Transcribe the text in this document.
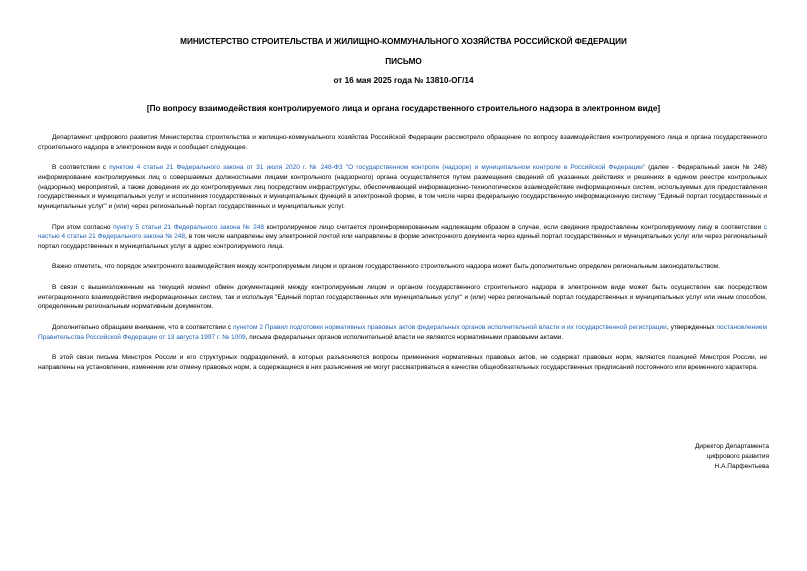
МИНИСТЕРСТВО СТРОИТЕЛЬСТВА И ЖИЛИЩНО-КОММУНАЛЬНОГО ХОЗЯЙСТВА РОССИЙСКОЙ ФЕДЕРАЦИИ
ПИСЬМО
от 16 мая 2025 года № 13810-ОГ/14
[По вопросу взаимодействия контролируемого лица и органа государственного строительного надзора в электронном виде]

Департамент цифрового развития Министерства строительства и жилищно-коммунального хозяйства Российской Федерации рассмотрело обращение по вопросу взаимодействия контролируемого лица и органа государственного строительного надзора в электронном виде и сообщает следующее.

В соответствии с пунктом 4 статьи 21 Федерального закона от 31 июля 2020 г. № 248-ФЗ "О государственном контроле (надзоре) и муниципальном контроле в Российской Федерации" (далее - Федеральный закон № 248) информирование контролируемых лиц о совершаемых должностными лицами контрольного (надзорного) органа осуществляется путем размещения сведений об указанных действиях и решениях в едином реестре контрольных (надзорных) мероприятий, а также доведения их до контролируемых лиц посредством инфраструктуры, обеспечивающей информационно-технологическое взаимодействие информационных систем, используемых для предоставления государственных и муниципальных услуг и исполнения государственных и муниципальных функций в электронной форме, в том числе через федеральную государственную информационную систему "Единый портал государственных и муниципальных услуг" и (или) через региональный портал государственных и муниципальных услуг.

При этом согласно пункту 5 статьи 21 Федерального закона № 248 контролируемое лицо считается проинформированным надлежащим образом в случае, если сведения предоставлены контролируемому лицу в соответствии с частью 4 статьи 21 Федерального закона № 248, в том числе направлены ему электронной почтой или направлены в форме электронного документа через единый портал государственных и муниципальных услуг или через региональный портал государственных и муниципальных услуг в адрес контролируемого лица.

Важно отметить, что порядок электронного взаимодействия между контролируемым лицом и органом государственного строительного надзора может быть дополнительно определен региональным законодательством.

В связи с вышеизложенным на текущий момент обмен документацией между контролируемым лицом и органом государственного строительного надзора в электронном виде может быть осуществлен как посредством интеграционного взаимодействия информационных систем, так и используя "Единый портал государственных или муниципальных услуг" и (или) через региональный портал государственных и муниципальных услуг или иным способом, определенным региональным нормативным документом.

Дополнительно обращаем внимание, что в соответствии с пунктом 2 Правил подготовки нормативных правовых актов федеральных органов исполнительной власти и их государственной регистрации, утвержденных постановлением Правительства Российской Федерации от 13 августа 1997 г. № 1009, письма федеральных органов исполнительной власти не являются нормативными правовыми актами.

В этой связи письма Минстроя России и его структурных подразделений, в которых разъясняются вопросы применения нормативных правовых актов, не содержат правовых норм, являются позицией Минстроя России, не направлены на установление, изменение или отмену правовых норм, а содержащиеся в них разъяснения не могут рассматриваться в качестве общеобязательных государственных предписаний постоянного или временного характера.

Директор Департамента
цифрового развития
Н.А.Парфентьева
